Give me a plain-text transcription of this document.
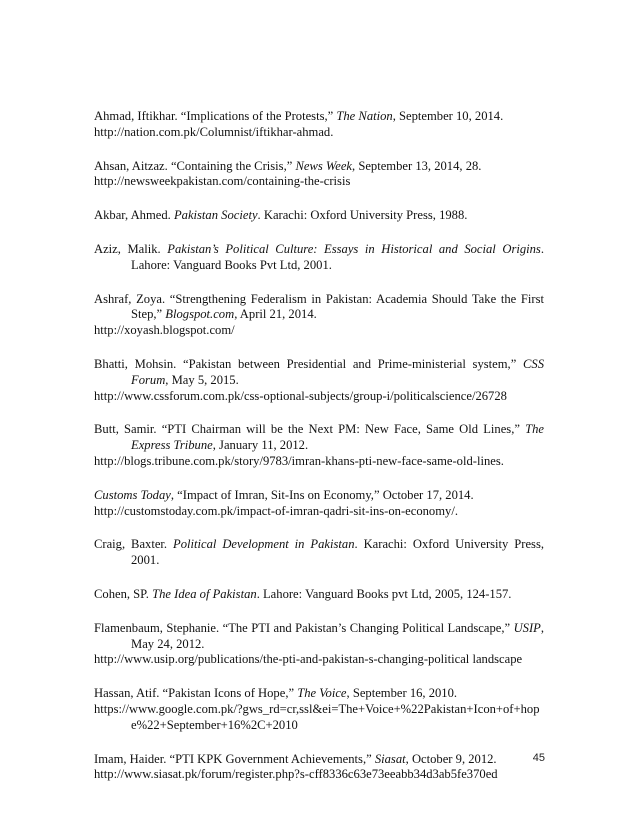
Ahmad, Iftikhar. “Implications of the Protests,” The Nation, September 10, 2014.
http://nation.com.pk/Columnist/iftikhar-ahmad.

Ahsan, Aitzaz. “Containing the Crisis,” News Week, September 13, 2014, 28.
http://newsweekpakistan.com/containing-the-crisis

Akbar, Ahmed. Pakistan Society. Karachi: Oxford University Press, 1988.

Aziz, Malik. Pakistan’s Political Culture: Essays in Historical and Social Origins. Lahore: Vanguard Books Pvt Ltd, 2001.

Ashraf, Zoya. “Strengthening Federalism in Pakistan: Academia Should Take the First Step,” Blogspot.com, April 21, 2014.
http://xoyash.blogspot.com/

Bhatti, Mohsin. “Pakistan between Presidential and Prime-ministerial system,” CSS Forum, May 5, 2015.
http://www.cssforum.com.pk/css-optional-subjects/group-i/politicalscience/26728

Butt, Samir. “PTI Chairman will be the Next PM: New Face, Same Old Lines,” The Express Tribune, January 11, 2012.
http://blogs.tribune.com.pk/story/9783/imran-khans-pti-new-face-same-old-lines.

Customs Today, “Impact of Imran, Sit-Ins on Economy,” October 17, 2014.
http://customstoday.com.pk/impact-of-imran-qadri-sit-ins-on-economy/.

Craig, Baxter. Political Development in Pakistan. Karachi: Oxford University Press, 2001.

Cohen, SP. The Idea of Pakistan. Lahore: Vanguard Books pvt Ltd, 2005, 124-157.

Flamenbaum, Stephanie. “The PTI and Pakistan’s Changing Political Landscape,” USIP, May 24, 2012.
http://www.usip.org/publications/the-pti-and-pakistan-s-changing-political landscape

Hassan, Atif. “Pakistan Icons of Hope,” The Voice, September 16, 2010.
https://www.google.com.pk/?gws_rd=cr,ssl&ei=The+Voice+%22Pakistan+Icon+of+hope%22+September+16%2C+2010

Imam, Haider. “PTI KPK Government Achievements,” Siasat, October 9, 2012.
http://www.siasat.pk/forum/register.php?s-cff8336c63e73eeabb34d3ab5fe370ed

45
